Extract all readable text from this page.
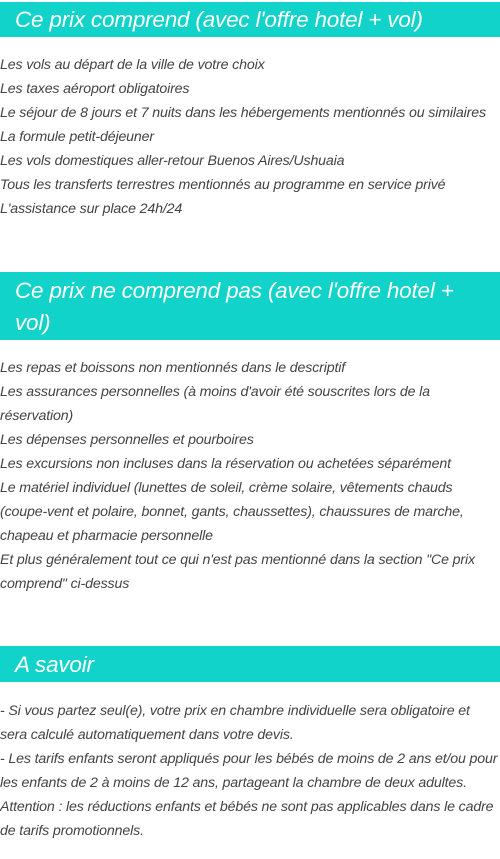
Ce prix comprend (avec l'offre hotel + vol)
Les vols au départ de la ville de votre choix
Les taxes aéroport obligatoires
Le séjour de 8 jours et 7 nuits dans les hébergements mentionnés ou similaires
La formule petit-déjeuner
Les vols domestiques aller-retour Buenos Aires/Ushuaia
Tous les transferts terrestres mentionnés au programme en service privé
L'assistance sur place 24h/24
Ce prix ne comprend pas (avec l'offre hotel + vol)
Les repas et boissons non mentionnés dans le descriptif
Les assurances personnelles (à moins d'avoir été souscrites lors de la réservation)
Les dépenses personnelles et pourboires
Les excursions non incluses dans la réservation ou achetées séparément
Le matériel individuel (lunettes de soleil, crème solaire, vêtements chauds (coupe-vent et polaire, bonnet, gants, chaussettes), chaussures de marche, chapeau et pharmacie personnelle
Et plus généralement tout ce qui n'est pas mentionné dans la section "Ce prix comprend" ci-dessus
A savoir
- Si vous partez seul(e), votre prix en chambre individuelle sera obligatoire et sera calculé automatiquement dans votre devis.
- Les tarifs enfants seront appliqués pour les bébés de moins de 2 ans et/ou pour les enfants de 2 à moins de 12 ans, partageant la chambre de deux adultes.
Attention : les réductions enfants et bébés ne sont pas applicables dans le cadre de tarifs promotionnels.
